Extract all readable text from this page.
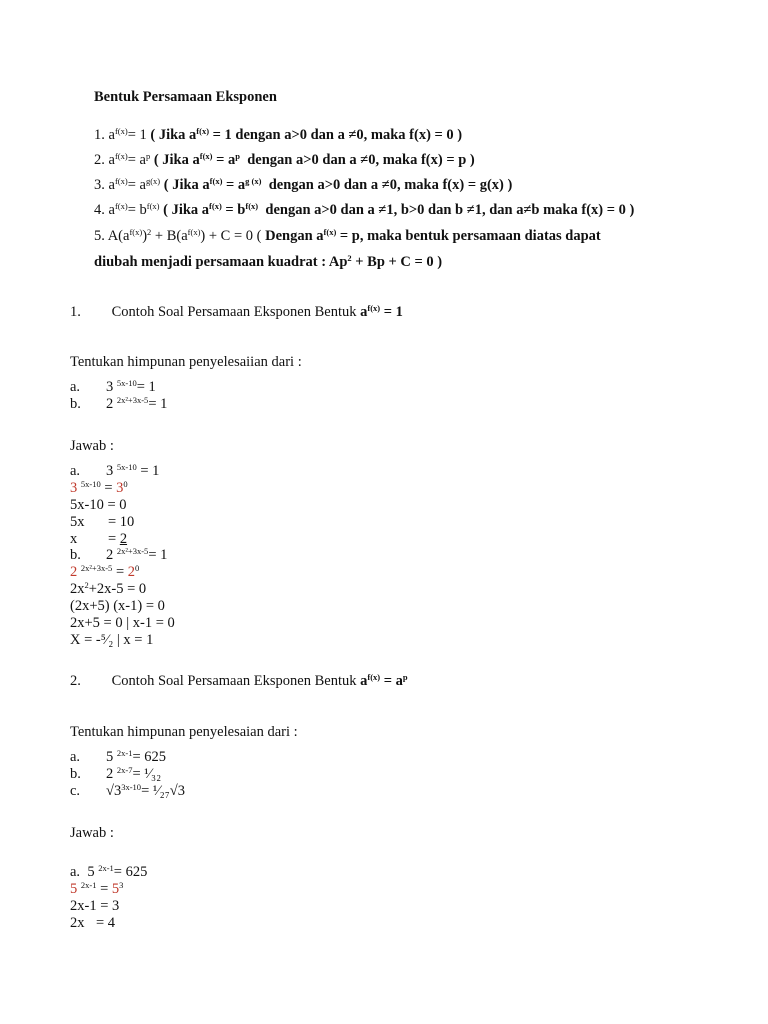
Bentuk Persamaan Eksponen
1. $a^{f(x)}= 1$ ( Jika $a^{f(x)} = 1$ dengan a>0 dan a ≠0, maka f(x) = 0 )
2. $a^{f(x)}= a^p$ ( Jika $a^{f(x)} = a^p$ dengan a>0 dan a ≠0, maka f(x) = p )
3. $a^{f(x)}= a^{g(x)}$ ( Jika $a^{f(x)} = a^{g (x)}$ dengan a>0 dan a ≠0, maka f(x) = g(x) )
4. $a^{f(x)}= b^{f(x)}$ ( Jika $a^{f(x)} = b^{f(x)}$ dengan a>0 dan a ≠1, b>0 dan b ≠1, dan a≠b maka f(x) = 0 )
5. $A(a^{f(x)})^2 + B(a^{f(x)}) + C = 0$ ( Dengan $a^{f(x)} = p$, maka bentuk persamaan diatas dapat
diubah menjadi persamaan kuadrat : $Ap^2 + Bp + C = 0$ )
1. Contoh Soal Persamaan Eksponen Bentuk $a^{f(x)} = 1$
Tentukan himpunan penyelesaiian dari :
a. 3 $^{5x-10}$= 1
b. 2 $^{2x^2+3x-5}$= 1
Jawab :
a. 3 $^{5x-10}$ = 1
3 $^{5x-10} = 3^0$
5x-10 = 0
5x = 10
x = 2
b. 2 $^{2x^2+3x-5}$= 1
2 $^{2x^2+3x-5} = 2^0$
$2x^2+2x-5 = 0$
(2x+5) (x-1) = 0
2x+5 = 0 | x-1 = 0
X = -⁵⁄₂ | x = 1
2. Contoh Soal Persamaan Eksponen Bentuk $a^{f(x)} = a^p$
Tentukan himpunan penyelesaian dari :
a. 5 $^{2x-1}$= 625
b. 2 $^{2x-7}$= ¹⁄₃₂
c. $√3^{3x-10}=$ ¹⁄₂₇√3
Jawab :
a. 5 $^{2x-1}$= 625
5 $^{2x-1} = 5^3$
2x-1 = 3
2x = 4
